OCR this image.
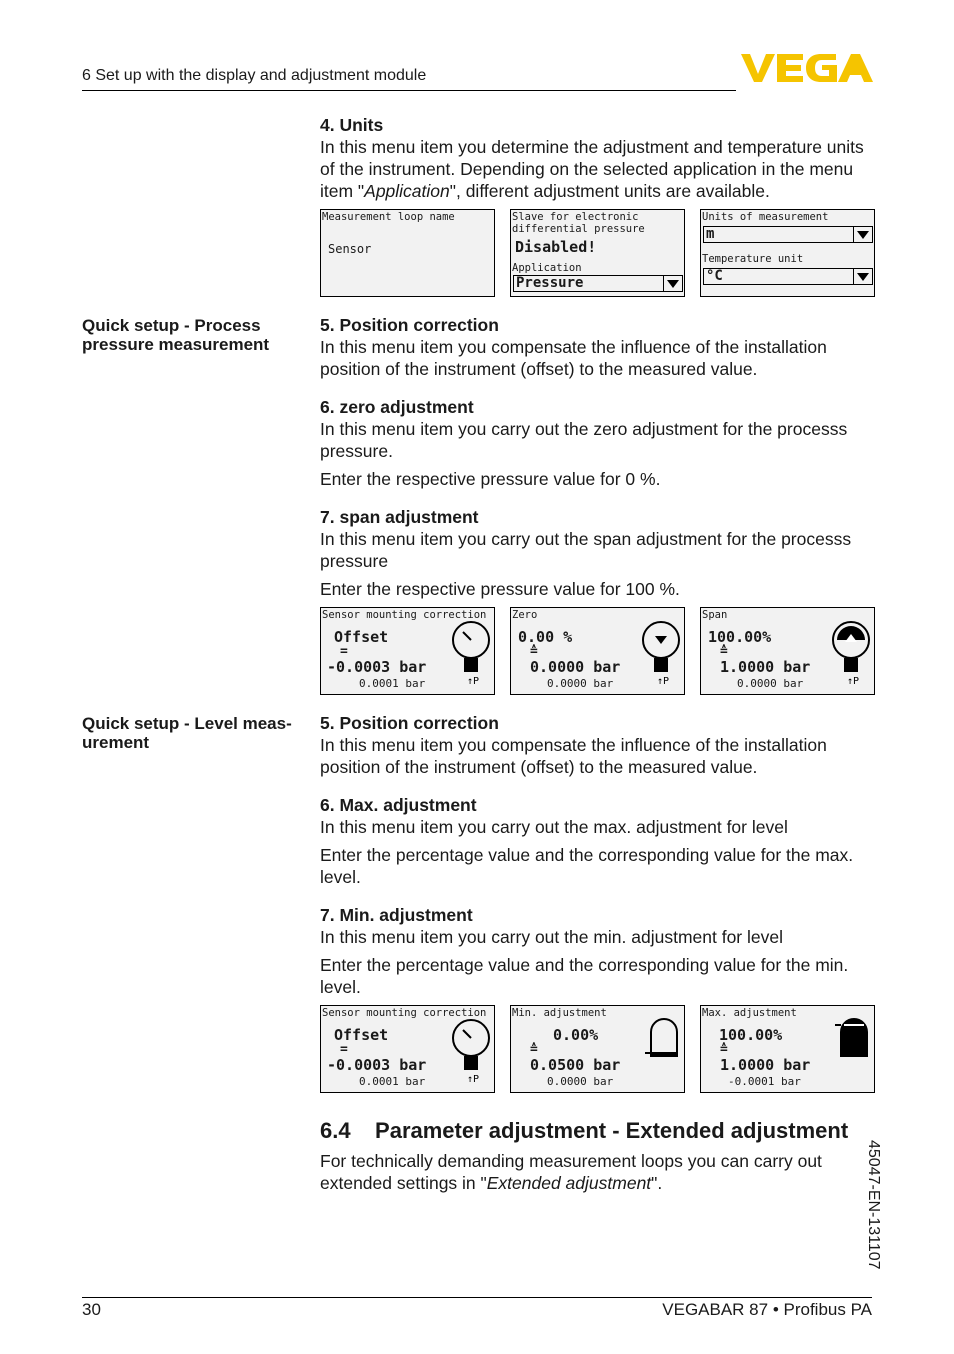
6 Set up with the display and adjustment module

4. Units

In this menu item you determine the adjustment and temperature units of the instrument. Depending on the selected application in the menu item "Application", different adjustment units are available.

Measurement loop name
Sensor
Slave for electronic differential pressure
Disabled!
Application
Pressure
Units of measurement
m
Temperature unit
°C
Quick setup - Process pressure measurement

5. Position correction

In this menu item you compensate the influence of the installation position of the instrument (offset) to the measured value.

6. zero adjustment

In this menu item you carry out the zero adjustment for the processs pressure.

Enter the respective pressure value for 0 %.

7. span adjustment

In this menu item you carry out the span adjustment for the processs pressure

Enter the respective pressure value for 100 %.

Sensor mounting correction
Offset
=
-0.0003 bar
0.0001 bar	↑P
Zero
0.00 %
≙
0.0000 bar
0.0000 bar	↑P
Span
100.00%
≙
1.0000 bar
0.0000 bar	↑P
Quick setup - Level meas-urement

5. Position correction

In this menu item you compensate the influence of the installation position of the instrument (offset) to the measured value.

6. Max. adjustment

In this menu item you carry out the max. adjustment for level

Enter the percentage value and the corresponding value for the max. level.

7. Min. adjustment

In this menu item you carry out the min. adjustment for level

Enter the percentage value and the corresponding value for the min. level.

Sensor mounting correction
Offset
=
-0.0003 bar
0.0001 bar	↑P
Min. adjustment
0.00%
≙
0.0500 bar
0.0000 bar
Max. adjustment
100.00%
≙
1.0000 bar
-0.0001 bar
6.4    Parameter adjustment - Extended adjustment

For technically demanding measurement loops you can carry out extended settings in "Extended adjustment".	45047-EN-131107
30	VEGABAR 87 • Profibus PA
